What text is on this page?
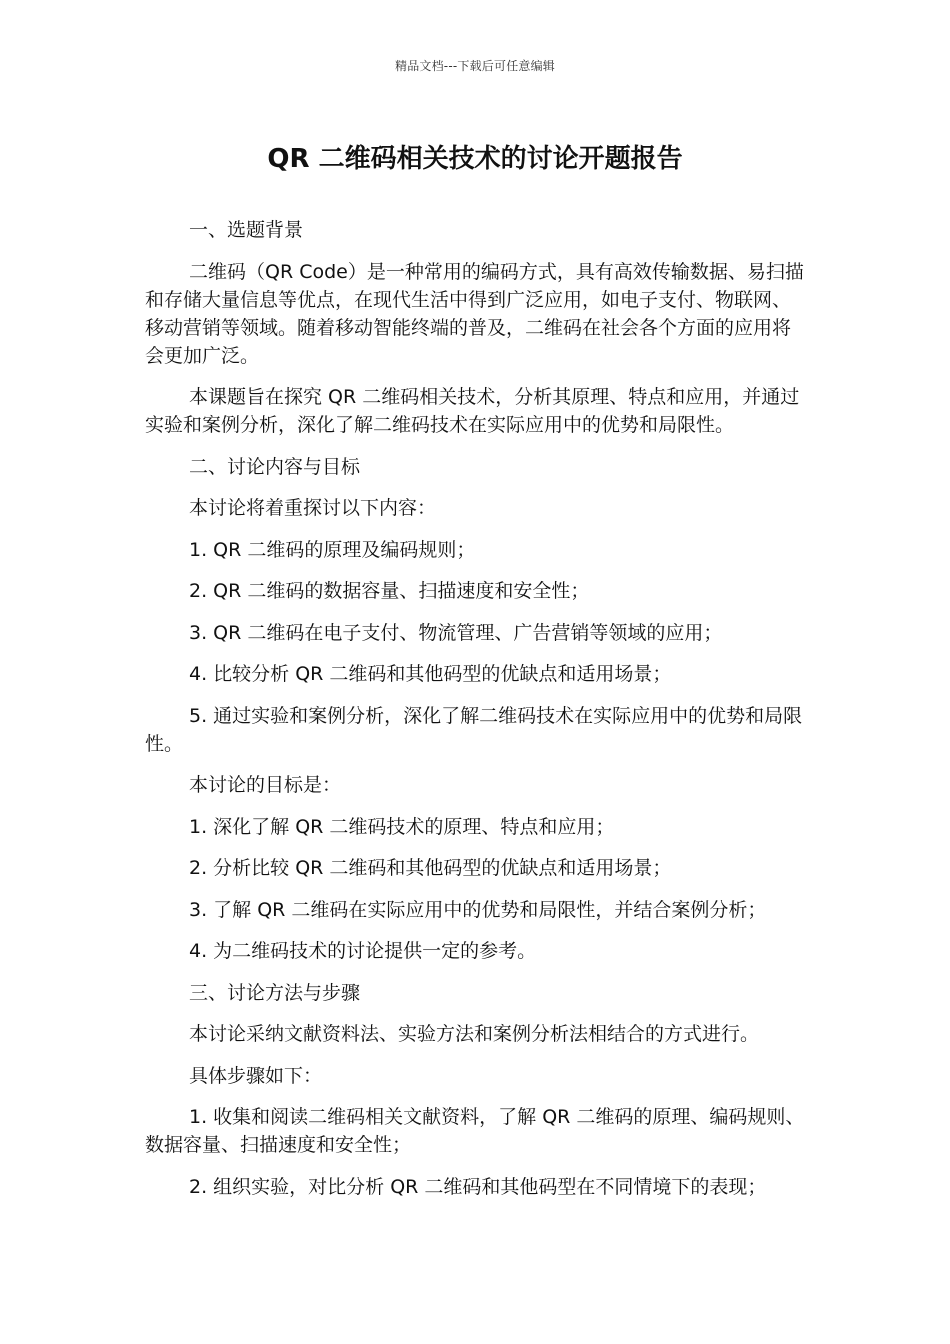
精品文档---下载后可任意编辑
QR 二维码相关技术的讨论开题报告

一、选题背景

二维码（QR Code）是一种常用的编码方式，具有高效传输数据、易扫描和存储大量信息等优点，在现代生活中得到广泛应用，如电子支付、物联网、移动营销等领域。随着移动智能终端的普及，二维码在社会各个方面的应用将会更加广泛。

本课题旨在探究 QR 二维码相关技术，分析其原理、特点和应用，并通过实验和案例分析，深化了解二维码技术在实际应用中的优势和局限性。

二、讨论内容与目标

本讨论将着重探讨以下内容：

1. QR 二维码的原理及编码规则；

2. QR 二维码的数据容量、扫描速度和安全性；

3. QR 二维码在电子支付、物流管理、广告营销等领域的应用；

4. 比较分析 QR 二维码和其他码型的优缺点和适用场景；

5. 通过实验和案例分析，深化了解二维码技术在实际应用中的优势和局限性。

本讨论的目标是：

1. 深化了解 QR 二维码技术的原理、特点和应用；

2. 分析比较 QR 二维码和其他码型的优缺点和适用场景；

3. 了解 QR 二维码在实际应用中的优势和局限性，并结合案例分析；

4. 为二维码技术的讨论提供一定的参考。

三、讨论方法与步骤

本讨论采纳文献资料法、实验方法和案例分析法相结合的方式进行。

具体步骤如下：

1. 收集和阅读二维码相关文献资料，了解 QR 二维码的原理、编码规则、数据容量、扫描速度和安全性；

2. 组织实验，对比分析 QR 二维码和其他码型在不同情境下的表现；
